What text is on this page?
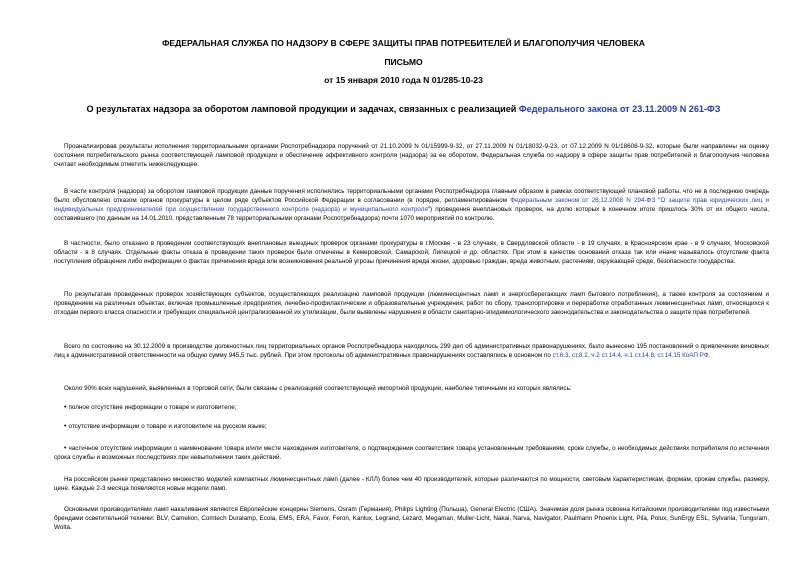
ФЕДЕРАЛЬНАЯ СЛУЖБА ПО НАДЗОРУ В СФЕРЕ ЗАЩИТЫ ПРАВ ПОТРЕБИТЕЛЕЙ И БЛАГОПОЛУЧИЯ ЧЕЛОВЕКА
ПИСЬМО
от 15 января 2010 года N 01/285-10-23
О результатах надзора за оборотом ламповой продукции и задачах, связанных с реализацией Федерального закона от 23.11.2009 N 261-ФЗ

Проанализировав результаты исполнения территориальными органами Роспотребнадзора поручений от 21.10.2009 N 01/15999-9-32, от 27.11.2009 N 01/18032-9-23, от 07.12.2009 N 01/18608-9-32, которые были направлены на оценку состояния потребительского рынка соответствующей ламповой продукции и обеспечение эффективного контроля (надзора) за ее оборотом, Федеральная служба по надзору в сфере защиты прав потребителей и благополучия человека считает необходимым отметить нижеследующее.

В части контроля (надзора) за оборотом ламповой продукции данные поручения исполнялись территориальными органами Роспотребнадзора главным образом в рамках соответствующей плановой работы, что не в последнюю очередь было обусловлено отказом органов прокуратуры в целом ряде субъектов Российской Федерации в согласовании (в порядке, регламентированном Федеральным законом от 26.12.2008 N 294-ФЗ "О защите прав юридических лиц и индивидуальных предпринимателей при осуществлении государственного контроля (надзора) и муниципального контроля") проведения внеплановых проверок, на долю которых в конечном итоге пришлось 30% от их общего числа, составившего (по данным на 14.01.2010, представленным 78 территориальными органами Роспотребнадзора) почти 1070 мероприятий по контролю.

В частности, было отказано в проведении соответствующих внеплановых выездных проверок органами прокуратуры в г.Москве - в 23 случаях, в Свердловской области - в 19 случаях, в Красноярском крае - в 9 случаях, Московской области - в 8 случаях. Отдельные факты отказа в проведении таких проверок были отмечены в Кемеровской, Самарской, Липецкой и др. областях. При этом в качестве оснований отказа так или иначе называлось отсутствие факта поступления обращения либо информации о фактах причинения вреда или возникновения реальной угрозы причинения вреда жизни, здоровью граждан, вреда животным, растениям, окружающей среде, безопасности государства.

По результатам проведенных проверок хозяйствующих субъектов, осуществляющих реализацию ламповой продукции (люминесцентных ламп и энергосберегающих ламп бытового потребления), а также контроля за состоянием и проведением на различных объектах, включая промышленные предприятия, лечебно-профилактические и образовательные учреждения, работ по сбору, транспортировке и переработке отработанных люминесцентных ламп, относящихся к отходам первого класса опасности и требующих специальной централизованной их утилизации, были выявлены нарушения в области санитарно-эпидемиологического законодательства и законодательства о защите прав потребителей.

Всего по состоянию на 30.12.2009 в производстве должностных лиц территориальных органов Роспотребнадзора находилось 299 дел об административных правонарушениях, было вынесено 195 постановлений о привлечении виновных лиц к административной ответственности на общую сумму 945,5 тыс. рублей. При этом протоколы об административных правонарушениях составлялись в основном по ст.6.3, ст.8.2, ч.2 ст.14.4, ч.1 ст.14.8, ст.14.15 КоАП РФ.

Около 90% всех нарушений, выявленных в торговой сети, были связаны с реализацией соответствующей импортной продукции, наиболее типичными из которых являлись:

• полное отсутствие информации о товаре и изготовителе;

• отсутствие информации о товаре и изготовителе на русском языке;

• частичное отсутствие информации о наименовании товара и/или месте нахождения изготовителя, о подтверждении соответствия товара установленным требованиям, сроке службы, о необходимых действиях потребителя по истечении срока службы и возможных последствиях при невыполнении таких действий.

На российском рынке представлено множество моделей компактных люминесцентных ламп (далее - КЛЛ) более чем 40 производителей, которые различаются по мощности, световым характеристикам, формам, срокам службы, размеру, цене. Каждые 2-3 месяца появляются новые модели ламп.

Основными производителями ламп накаливания являются Европейские концерны Siemens, Osram (Германия), Philips Lighting (Польша), General Electric (США). Значимая доля рынка освоена Китайскими производителями под известными брендами осветительной техники: BLV, Camelion, Comtech Duralamp, Ecola, EMS, ERA, Favor, Feron, Kanlux, Legrand, Lezard, Megaman, Muller-Licht, Nakai, Narva, Navigator, Paulmann Phoenix Light, Pila, Polux, SunErgy ESL, Sylvania, Tungsram, Wolta.
